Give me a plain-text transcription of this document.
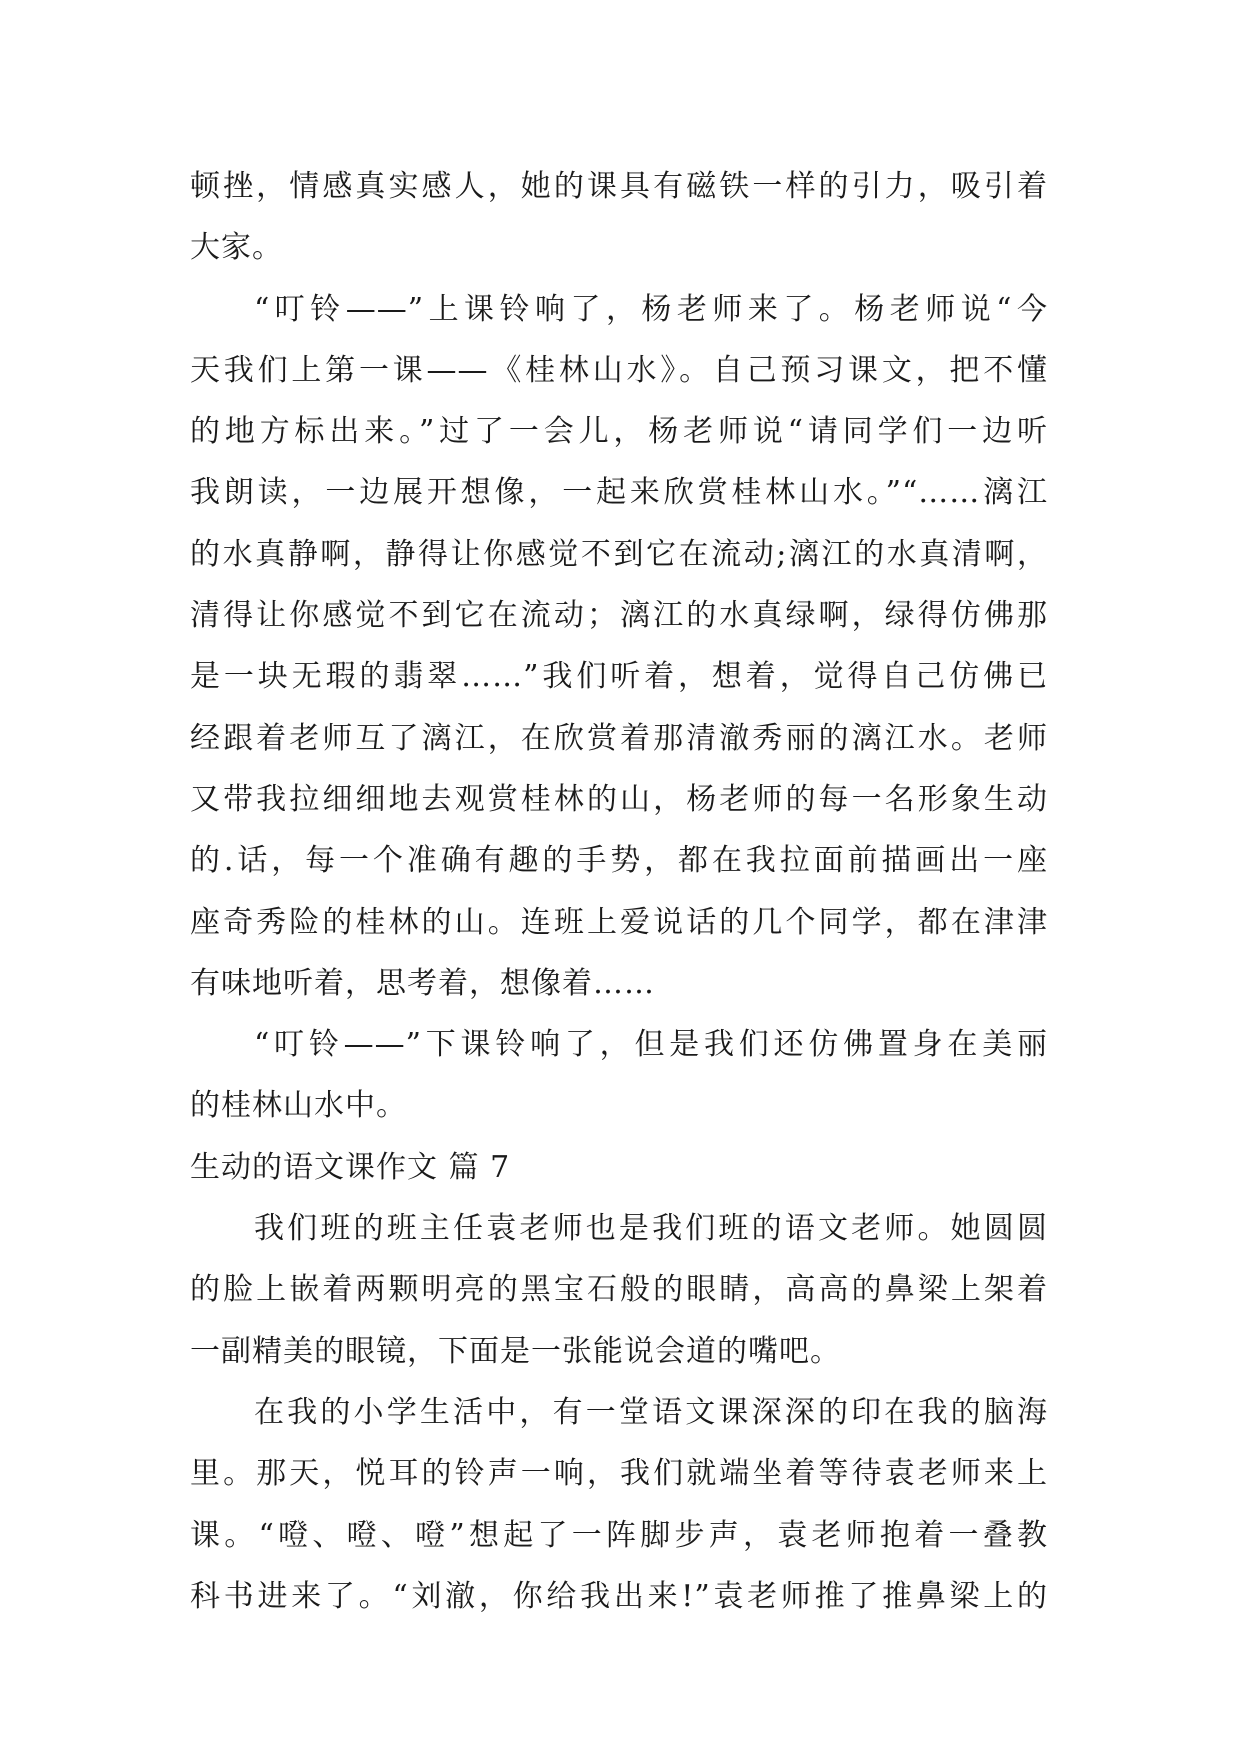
顿挫，情感真实感人，她的课具有磁铁一样的引力，吸引着
大家。
“叮铃——”上课铃响了，杨老师来了。杨老师说“今
天我们上第一课——《桂林山水》。自己预习课文，把不懂
的地方标出来。”过了一会儿，杨老师说“请同学们一边听
我朗读，一边展开想像，一起来欣赏桂林山水。”“……漓江
的水真静啊，静得让你感觉不到它在流动;漓江的水真清啊，
清得让你感觉不到它在流动；漓江的水真绿啊，绿得仿佛那
是一块无瑕的翡翠……”我们听着，想着，觉得自己仿佛已
经跟着老师互了漓江，在欣赏着那清澈秀丽的漓江水。老师
又带我拉细细地去观赏桂林的山，杨老师的每一名形象生动
的.话，每一个准确有趣的手势，都在我拉面前描画出一座
座奇秀险的桂林的山。连班上爱说话的几个同学，都在津津
有味地听着，思考着，想像着……
“叮铃——”下课铃响了，但是我们还仿佛置身在美丽
的桂林山水中。
生动的语文课作文 篇 7
我们班的班主任袁老师也是我们班的语文老师。她圆圆
的脸上嵌着两颗明亮的黑宝石般的眼睛，高高的鼻梁上架着
一副精美的眼镜，下面是一张能说会道的嘴吧。
在我的小学生活中，有一堂语文课深深的印在我的脑海
里。那天，悦耳的铃声一响，我们就端坐着等待袁老师来上
课。“噔、噔、噔”想起了一阵脚步声，袁老师抱着一叠教
科书进来了。“刘澈，你给我出来!”袁老师推了推鼻梁上的
